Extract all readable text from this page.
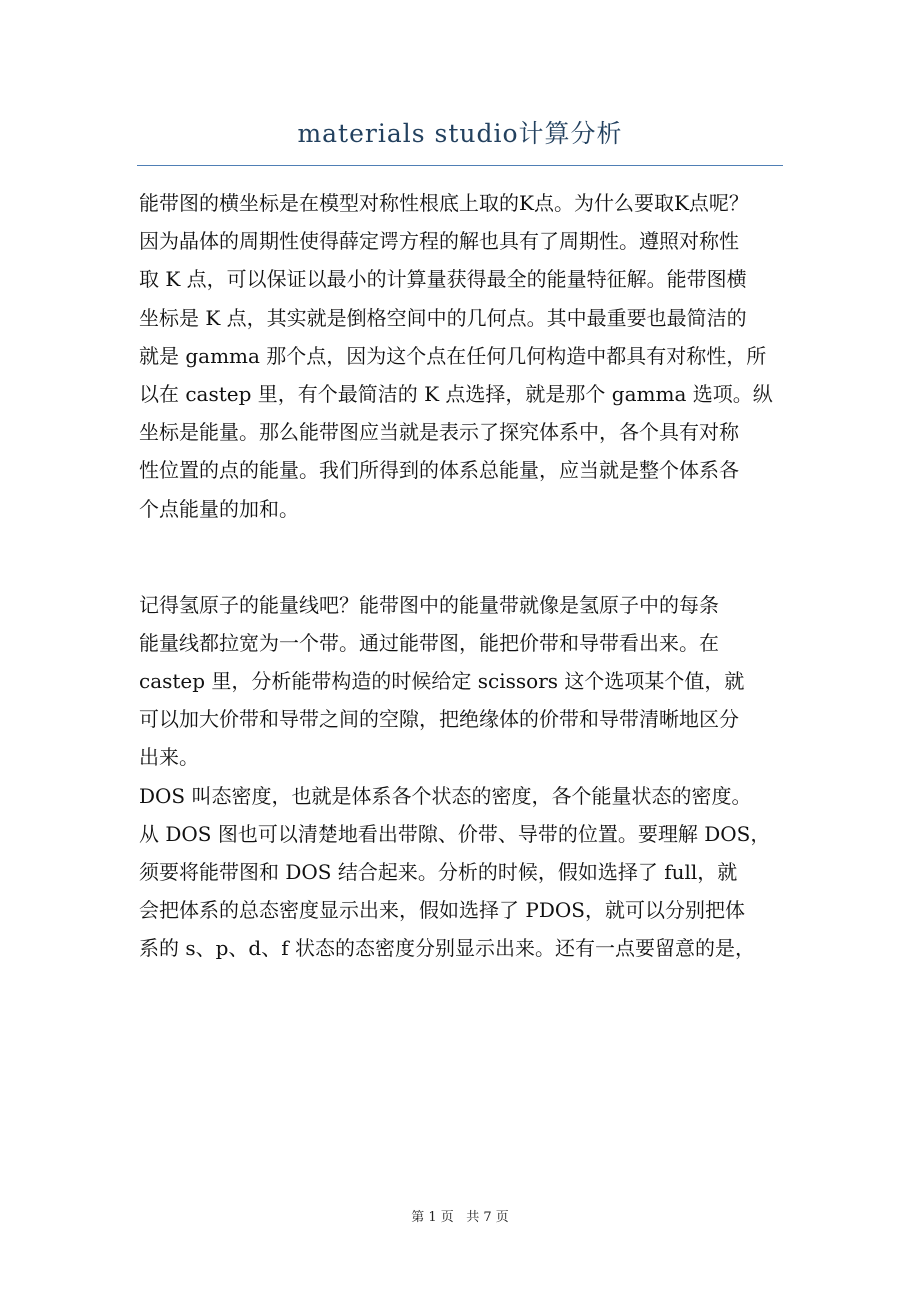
materials studio计算分析

能带图的横坐标是在模型对称性根底上取的K点。为什么要取K点呢？
因为晶体的周期性使得薛定谔方程的解也具有了周期性。遵照对称性
取 K 点，可以保证以最小的计算量获得最全的能量特征解。能带图横
坐标是 K 点，其实就是倒格空间中的几何点。其中最重要也最简洁的
就是 gamma 那个点，因为这个点在任何几何构造中都具有对称性，所
以在 castep 里，有个最简洁的 K 点选择，就是那个 gamma 选项。纵
坐标是能量。那么能带图应当就是表示了探究体系中，各个具有对称
性位置的点的能量。我们所得到的体系总能量，应当就是整个体系各
个点能量的加和。

记得氢原子的能量线吧？能带图中的能量带就像是氢原子中的每条
能量线都拉宽为一个带。通过能带图，能把价带和导带看出来。在
castep 里，分析能带构造的时候给定 scissors 这个选项某个值，就
可以加大价带和导带之间的空隙，把绝缘体的价带和导带清晰地区分
出来。

DOS 叫态密度，也就是体系各个状态的密度，各个能量状态的密度。
从 DOS 图也可以清楚地看出带隙、价带、导带的位置。要理解 DOS，
须要将能带图和 DOS 结合起来。分析的时候，假如选择了 full，就
会把体系的总态密度显示出来，假如选择了 PDOS，就可以分别把体
系的 s、p、d、f 状态的态密度分别显示出来。还有一点要留意的是，

第 1 页   共 7 页
